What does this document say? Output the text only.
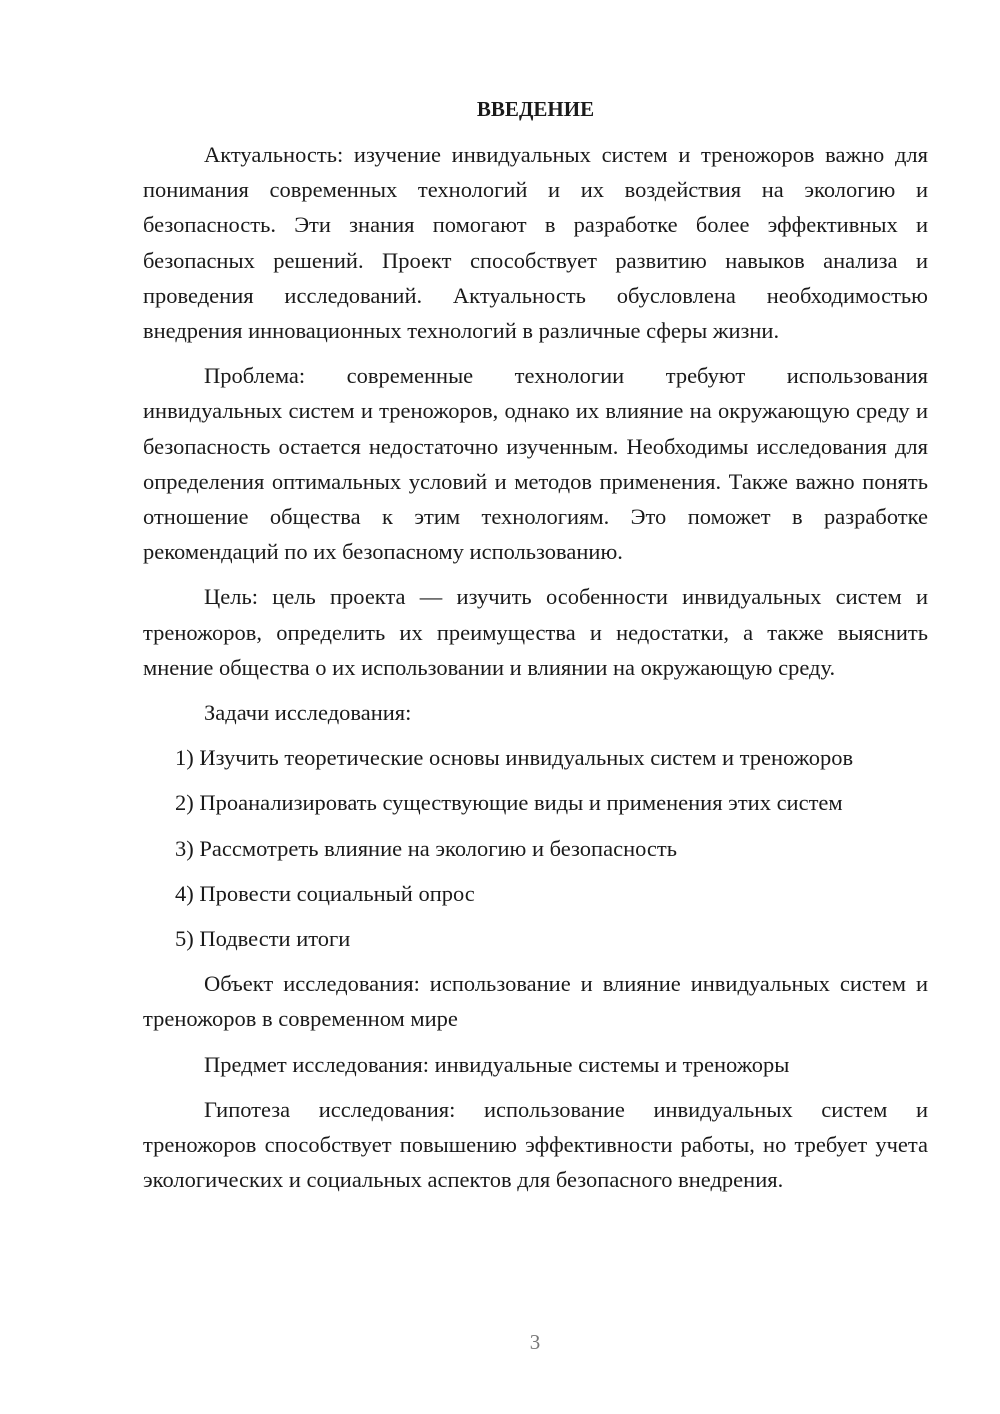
ВВЕДЕНИЕ

Актуальность: изучение инвидуальных систем и треножоров важно для понимания современных технологий и их воздействия на экологию и безопасность. Эти знания помогают в разработке более эффективных и безопасных решений. Проект способствует развитию навыков анализа и проведения исследований. Актуальность обусловлена необходимостью внедрения инновационных технологий в различные сферы жизни.

Проблема: современные технологии требуют использования инвидуальных систем и треножоров, однако их влияние на окружающую среду и безопасность остается недостаточно изученным. Необходимы исследования для определения оптимальных условий и методов применения. Также важно понять отношение общества к этим технологиям. Это поможет в разработке рекомендаций по их безопасному использованию.

Цель: цель проекта — изучить особенности инвидуальных систем и треножоров, определить их преимущества и недостатки, а также выяснить мнение общества о их использовании и влиянии на окружающую среду.

Задачи исследования:

1) Изучить теоретические основы инвидуальных систем и треножоров

2) Проанализировать существующие виды и применения этих систем

3) Рассмотреть влияние на экологию и безопасность

4) Провести социальный опрос

5) Подвести итоги

Объект исследования: использование и влияние инвидуальных систем и треножоров в современном мире

Предмет исследования: инвидуальные системы и треножоры

Гипотеза исследования: использование инвидуальных систем и треножоров способствует повышению эффективности работы, но требует учета экологических и социальных аспектов для безопасного внедрения.

3
